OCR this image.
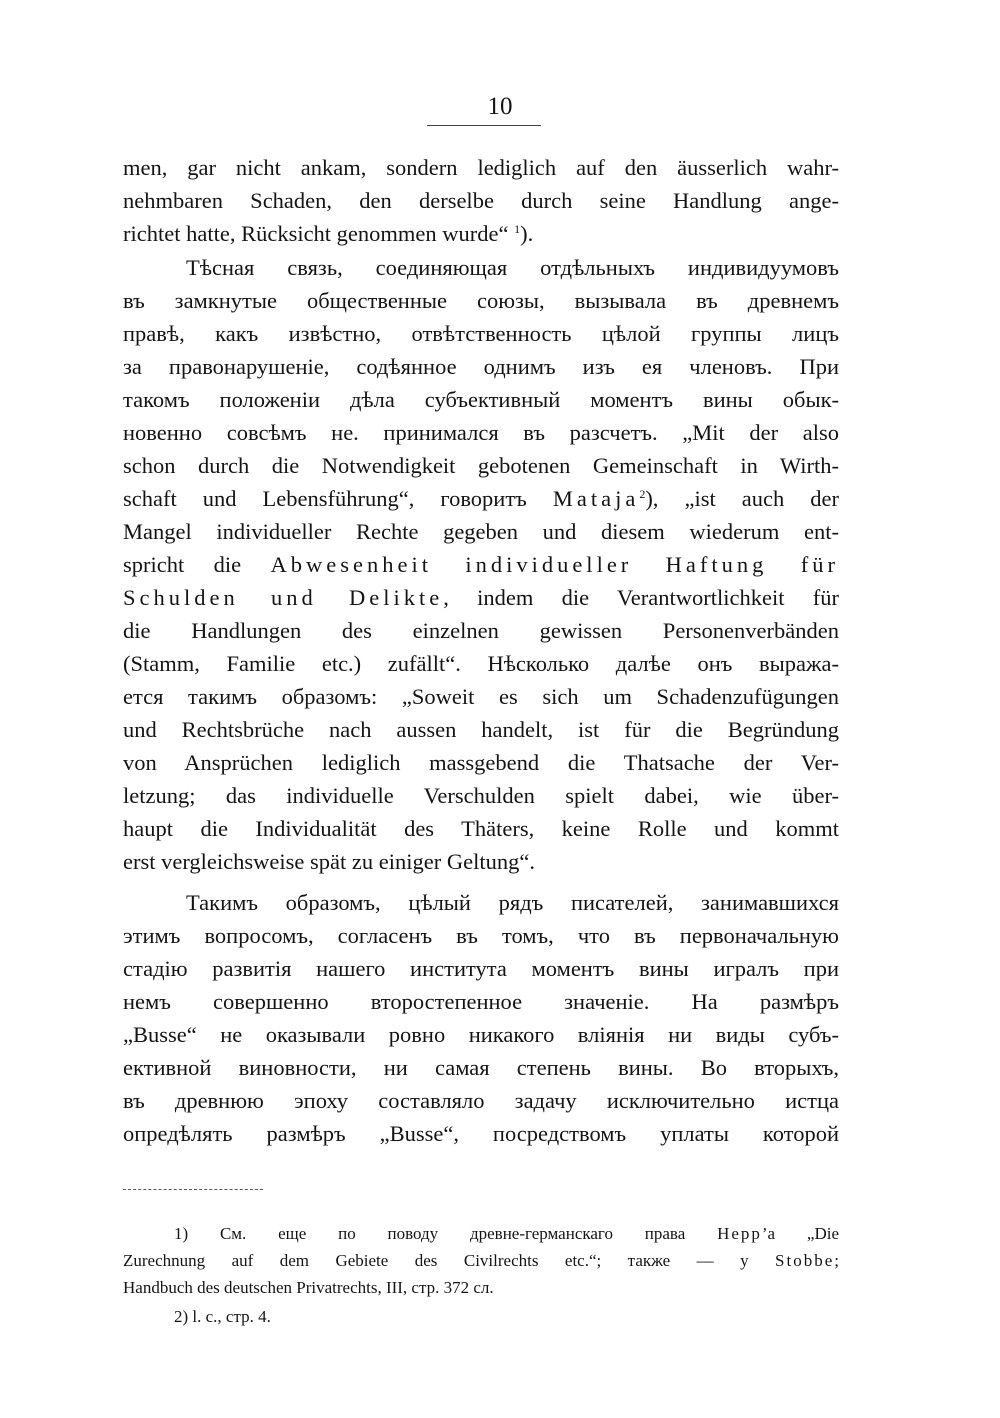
10
men, gar nicht ankam, sondern lediglich auf den äusserlich wahr-
nehmbaren Schaden, den derselbe durch seine Handlung ange-
richtet hatte, Rücksicht genommen wurde“ $^1$).
Тѣсная связь, соединяющая отдѣльныхъ индивидуумовъ
въ замкнутые общественные союзы, вызывала въ древнемъ
правѣ, какъ извѣстно, отвѣтственность цѣлой группы лицъ
за правонарушеніе, содѣянное однимъ изъ ея членовъ. При
такомъ положеніи дѣла субъективный моментъ вины обык-
новенно совсѣмъ не. принимался въ разсчетъ. „Mit der also
schon durch die Notwendigkeit gebotenen Gemeinschaft in Wirth-
schaft und Lebensführung“, говоритъ Mataja$^2$), „ist auch der
Mangel individueller Rechte gegeben und diesem wiederum ent-
spricht die Abwesenheit individueller Haftung für
Schulden und Delikte, indem die Verantwortlichkeit für
die Handlungen des einzelnen gewissen Personenverbänden
(Stamm, Familie etc.) zufällt“. Нѣсколько далѣе онъ выража-
ется такимъ образомъ: „Soweit es sich um Schadenzufügungen
und Rechtsbrüche nach aussen handelt, ist für die Begründung
von Ansprüchen lediglich massgebend die Thatsache der Ver-
letzung; das individuelle Verschulden spielt dabei, wie über-
haupt die Individualität des Thäters, keine Rolle und kommt
erst vergleichsweise spät zu einiger Geltung“.
Такимъ образомъ, цѣлый рядъ писателей, занимавшихся
этимъ вопросомъ, согласенъ въ томъ, что въ первоначальную
стадію развитія нашего института моментъ вины игралъ при
немъ совершенно второстепенное значеніе. На размѣръ
„Busse“ не оказывали ровно никакого вліянія ни виды субъ-
ективной виновности, ни самая степень вины. Во вторыхъ,
въ древнюю эпоху составляло задачу исключительно истца
опредѣлять размѣръ „Busse“, посредствомъ уплаты которой
1) См. еще по поводу древне-германскаго права Hepp’a „Die
Zurechnung auf dem Gebiete des Civilrechts etc.“; также — у Stobbe;
Handbuch des deutschen Privatrechts, III, стр. 372 сл.
2) l. c., стр. 4.
